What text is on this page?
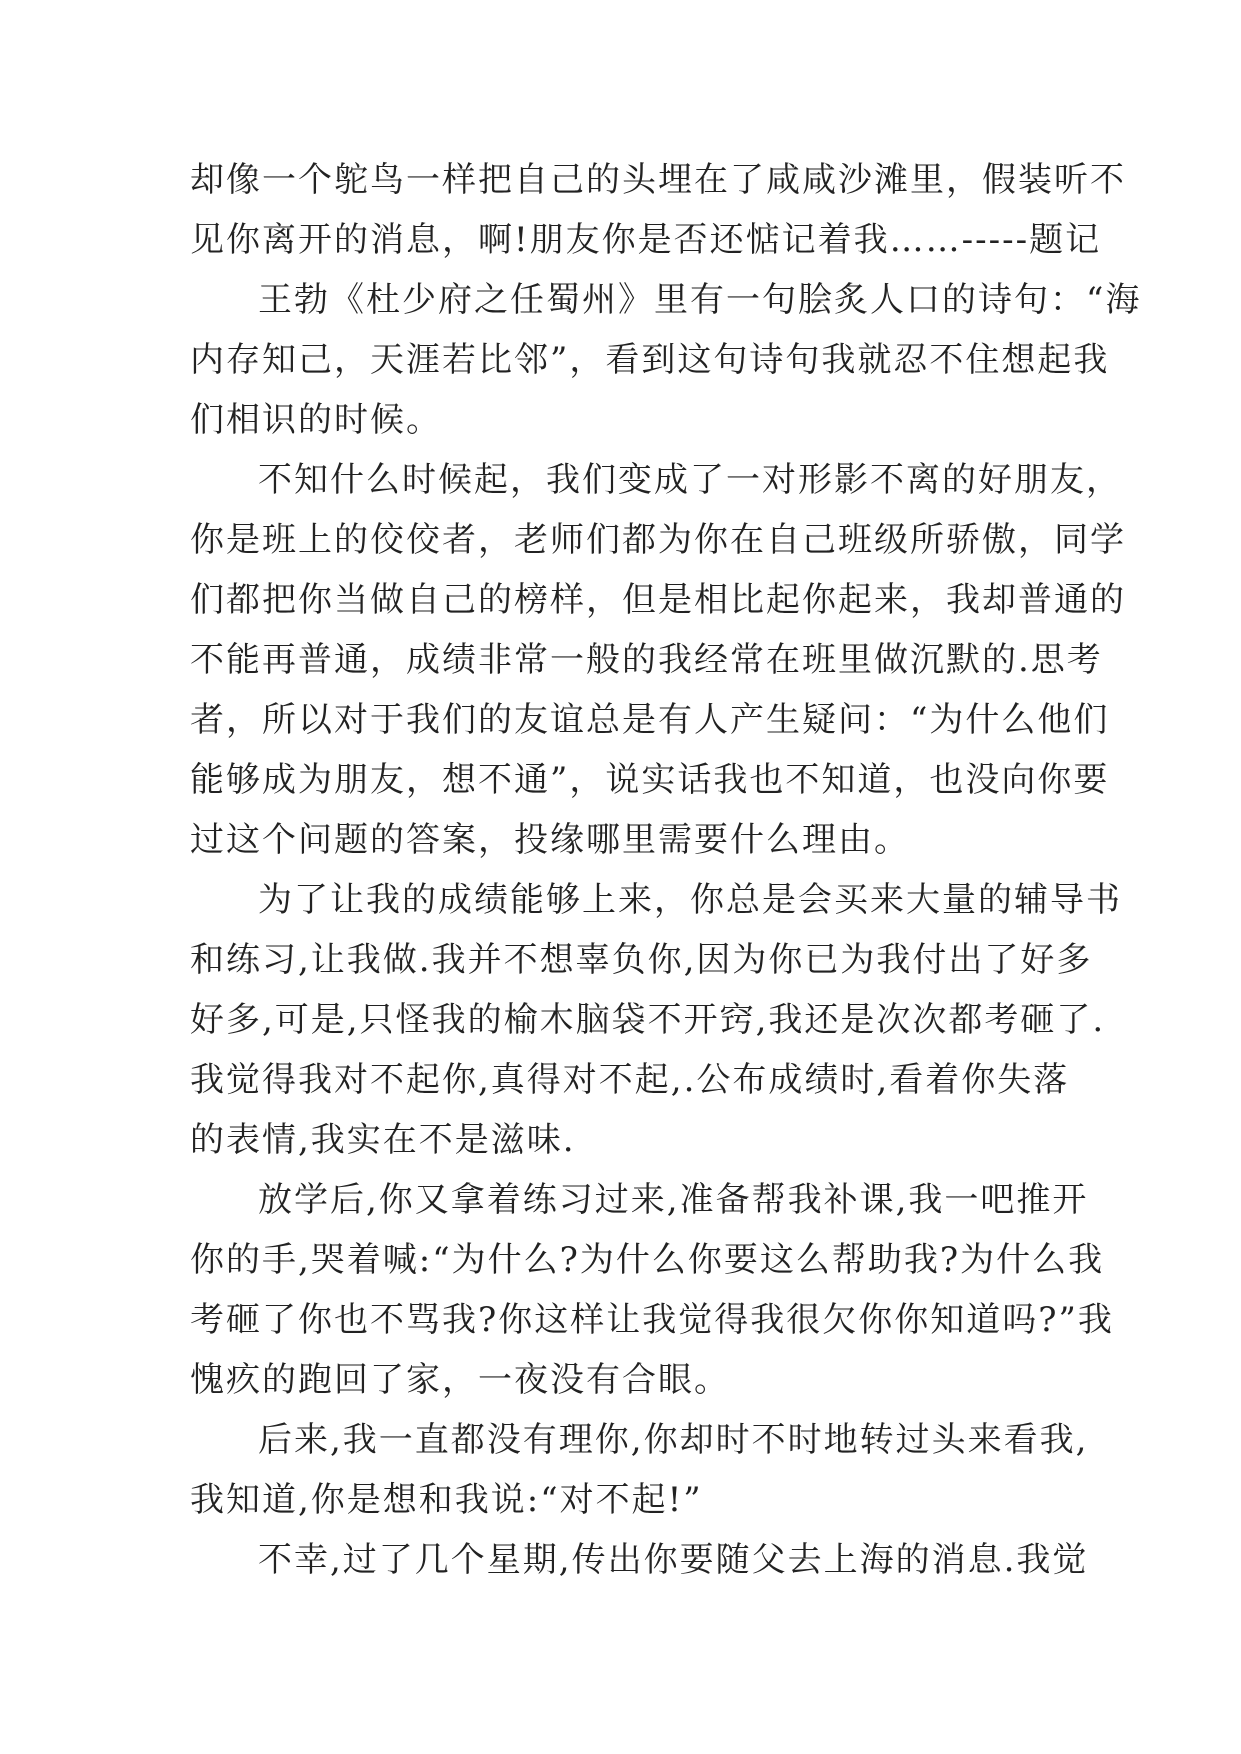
却像一个鸵鸟一样把自己的头埋在了咸咸沙滩里，假装听不
见你离开的消息，啊!朋友你是否还惦记着我……-----题记
王勃《杜少府之任蜀州》里有一句脍炙人口的诗句：“海
内存知己，天涯若比邻”，看到这句诗句我就忍不住想起我
们相识的时候。
不知什么时候起，我们变成了一对形影不离的好朋友，
你是班上的佼佼者，老师们都为你在自己班级所骄傲，同学
们都把你当做自己的榜样，但是相比起你起来，我却普通的
不能再普通，成绩非常一般的我经常在班里做沉默的.思考
者，所以对于我们的友谊总是有人产生疑问：“为什么他们
能够成为朋友，想不通”，说实话我也不知道，也没向你要
过这个问题的答案，投缘哪里需要什么理由。
为了让我的成绩能够上来，你总是会买来大量的辅导书
和练习,让我做.我并不想辜负你,因为你已为我付出了好多
好多,可是,只怪我的榆木脑袋不开窍,我还是次次都考砸了.
我觉得我对不起你,真得对不起,.公布成绩时,看着你失落
的表情,我实在不是滋味.
放学后,你又拿着练习过来,准备帮我补课,我一吧推开
你的手,哭着喊:“为什么?为什么你要这么帮助我?为什么我
考砸了你也不骂我?你这样让我觉得我很欠你你知道吗?”我
愧疚的跑回了家，一夜没有合眼。
后来,我一直都没有理你,你却时不时地转过头来看我,
我知道,你是想和我说:“对不起!”
不幸,过了几个星期,传出你要随父去上海的消息.我觉
